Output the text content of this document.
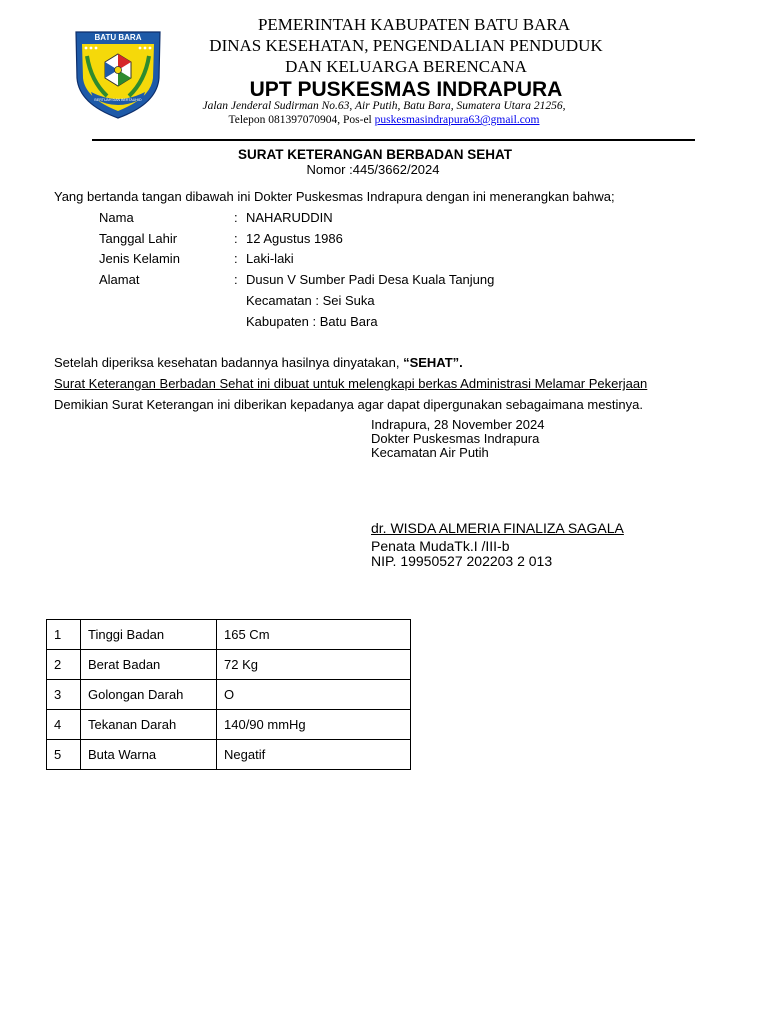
BATU BARA
BERTUAH DAN BERTAUHID
PEMERINTAH KABUPATEN BATU BARA
DINAS KESEHATAN, PENGENDALIAN PENDUDUK
DAN KELUARGA BERENCANA
UPT PUSKESMAS INDRAPURA
Jalan Jenderal Sudirman No.63, Air Putih, Batu Bara, Sumatera Utara 21256,
Telepon 081397070904, Pos-el puskesmasindrapura63@gmail.com
SURAT KETERANGAN BERBADAN SEHAT
Nomor :445/3662/2024
Yang bertanda tangan dibawah ini Dokter Puskesmas Indrapura dengan ini menerangkan bahwa;
Nama	: NAHARUDDIN
Tanggal Lahir	: 12 Agustus 1986
Jenis Kelamin	: Laki-laki
Alamat	: Dusun V Sumber Padi Desa Kuala Tanjung
Kecamatan : Sei Suka
Kabupaten : Batu Bara
Setelah diperiksa kesehatan badannya hasilnya dinyatakan, “SEHAT”.
Surat Keterangan Berbadan Sehat ini dibuat untuk melengkapi berkas Administrasi Melamar Pekerjaan
Demikian Surat Keterangan ini diberikan kepadanya agar dapat dipergunakan sebagaimana mestinya.
Indrapura, 28 November 2024
Dokter Puskesmas Indrapura
Kecamatan Air Putih
dr. WISDA ALMERIA FINALIZA SAGALA
Penata MudaTk.I /III-b
NIP. 19950527 202203 2 013
1	Tinggi Badan	165 Cm
2	Berat Badan	72 Kg
3	Golongan Darah	O
4	Tekanan Darah	140/90 mmHg
5	Buta Warna	Negatif
